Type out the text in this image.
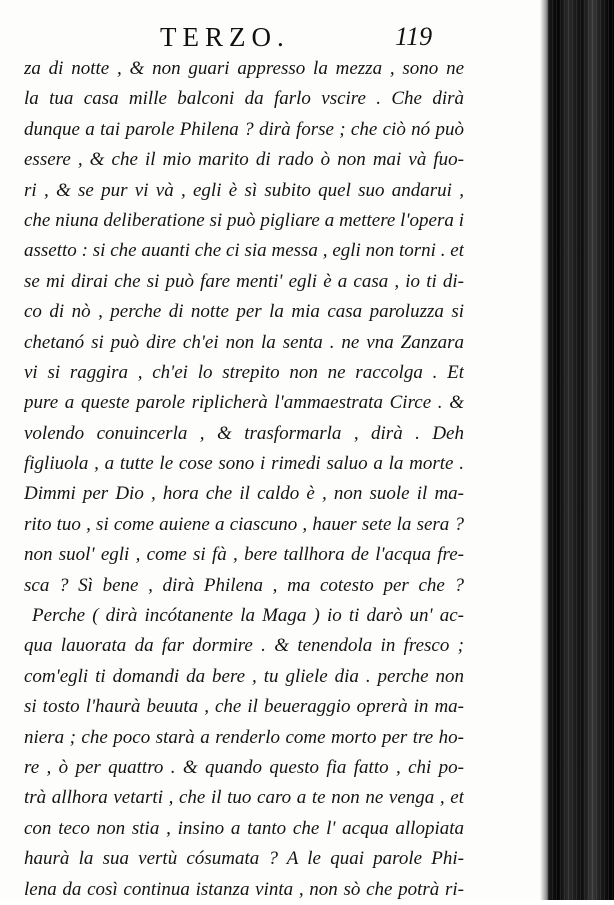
TERZO.	119
za di notte , & non guari appresso la mezza , sono ne
la tua casa mille balconi da farlo vscire . Che dirà
dunque a tai parole Philena ? dirà forse ; che ciò nó può
essere , & che il mio marito di rado ò non mai và fuo-
ri , & se pur vi và , egli è sì subito quel suo andarui ,
che niuna deliberatione si può pigliare a mettere l'opera i
assetto : si che auanti che ci sia messa , egli non torni . et
se mi dirai che si può fare menti' egli è a casa , io ti di-
co di nò , perche di notte per la mia casa paroluzza si
chetanó si può dire ch'ei non la senta . ne vna Zanzara
vi si raggira , ch'ei lo strepito non ne raccolga . Et
pure a queste parole riplicherà l'ammaestrata Circe . &
volendo conuincerla , & trasformarla , dirà . Deh
figliuola , a tutte le cose sono i rimedi saluo a la morte .
Dimmi per Dio , hora che il caldo è , non suole il ma-
rito tuo , si come auiene a ciascuno , hauer sete la sera ?
non suol' egli , come si fà , bere tallhora de l'acqua fre-
sca ? Sì bene , dirà Philena , ma cotesto per che ?
Perche ( dirà incótanente la Maga ) io ti darò un' ac-
qua lauorata da far dormire . & tenendola in fresco ;
com'egli ti domandi da bere , tu gliele dia . perche non
si tosto l'haurà beuuta , che il beueraggio oprerà in ma-
niera ; che poco starà a renderlo come morto per tre ho-
re , ò per quattro . & quando questo fia fatto , chi po-
trà allhora vetarti , che il tuo caro a te non ne venga , et
con teco non stia , insino a tanto che l' acqua allopiata
haurà la sua vertù cósumata ? A le quai parole Phi-
lena da così continua istanza vinta , non sò che potrà ri-
